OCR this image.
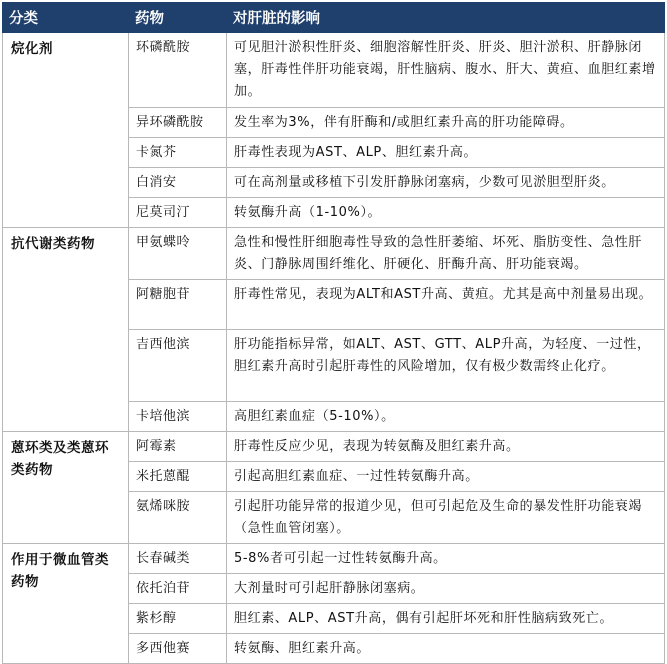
分类	药物	对肝脏的影响
烷化剂	环磷酰胺	可见胆汁淤积性肝炎、细胞溶解性肝炎、肝炎、胆汁淤积、肝静脉闭塞，肝毒性伴肝功能衰竭，肝性脑病、腹水、肝大、黄疸、血胆红素增加。
	异环磷酰胺	发生率为3%，伴有肝酶和/或胆红素升高的肝功能障碍。
	卡氮芥	肝毒性表现为AST、ALP、胆红素升高。
	白消安	可在高剂量或移植下引发肝静脉闭塞病，少数可见淤胆型肝炎。
	尼莫司汀	转氨酶升高（1-10%）。
抗代谢类药物	甲氨蝶呤	急性和慢性肝细胞毒性导致的急性肝萎缩、坏死、脂肪变性、急性肝炎、门静脉周围纤维化、肝硬化、肝酶升高、肝功能衰竭。
	阿糖胞苷	肝毒性常见，表现为ALT和AST升高、黄疸。尤其是高中剂量易出现。
	吉西他滨	肝功能指标异常，如ALT、AST、GTT、ALP升高，为轻度、一过性，胆红素升高时引起肝毒性的风险增加，仅有极少数需终止化疗。
	卡培他滨	高胆红素血症（5-10%）。
蒽环类及类蒽环类药物	阿霉素	肝毒性反应少见，表现为转氨酶及胆红素升高。
	米托蒽醌	引起高胆红素血症、一过性转氨酶升高。
	氨烯咪胺	引起肝功能异常的报道少见，但可引起危及生命的暴发性肝功能衰竭（急性血管闭塞）。
作用于微血管类药物	长春碱类	5-8%者可引起一过性转氨酶升高。
	依托泊苷	大剂量时可引起肝静脉闭塞病。
	紫杉醇	胆红素、ALP、AST升高，偶有引起肝坏死和肝性脑病致死亡。
	多西他赛	转氨酶、胆红素升高。
